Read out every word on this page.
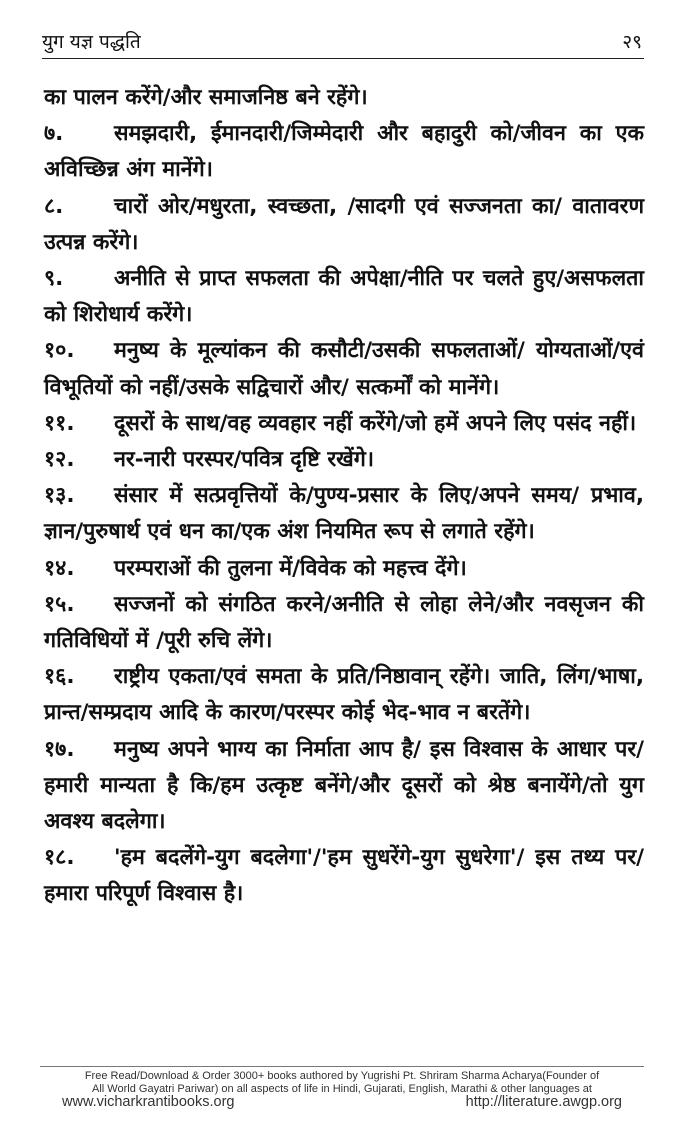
युग यज्ञ पद्धति	२९
का पालन करेंगे/और समाजनिष्ठ बने रहेंगे।
७. समझदारी, ईमानदारी/जिम्मेदारी और बहादुरी को/जीवन का एक अविच्छिन्न अंग मानेंगे।
८. चारों ओर/मधुरता, स्वच्छता, /सादगी एवं सज्जनता का/ वातावरण उत्पन्न करेंगे।
९. अनीति से प्राप्त सफलता की अपेक्षा/नीति पर चलते हुए/असफलता को शिरोधार्य करेंगे।
१०. मनुष्य के मूल्यांकन की कसौटी/उसकी सफलताओं/ योग्यताओं/एवं विभूतियों को नहीं/उसके सद्विचारों और/ सत्कर्मों को मानेंगे।
११. दूसरों के साथ/वह व्यवहार नहीं करेंगे/जो हमें अपने लिए पसंद नहीं।
१२. नर-नारी परस्पर/पवित्र दृष्टि रखेंगे।
१३. संसार में सत्प्रवृत्तियों के/पुण्य-प्रसार के लिए/अपने समय/ प्रभाव, ज्ञान/पुरुषार्थ एवं धन का/एक अंश नियमित रूप से लगाते रहेंगे।
१४. परम्पराओं की तुलना में/विवेक को महत्त्व देंगे।
१५. सज्जनों को संगठित करने/अनीति से लोहा लेने/और नवसृजन की गतिविधियों में /पूरी रुचि लेंगे।
१६. राष्ट्रीय एकता/एवं समता के प्रति/निष्ठावान् रहेंगे। जाति, लिंग/भाषा, प्रान्त/सम्प्रदाय आदि के कारण/परस्पर कोई भेद-भाव न बरतेंगे।
१७. मनुष्य अपने भाग्य का निर्माता आप है/ इस विश्वास के आधार पर/हमारी मान्यता है कि/हम उत्कृष्ट बनेंगे/और दूसरों को श्रेष्ठ बनायेंगे/तो युग अवश्य बदलेगा।
१८. 'हम बदलेंगे-युग बदलेगा'/'हम सुधरेंगे-युग सुधरेगा'/ इस तथ्य पर/हमारा परिपूर्ण विश्वास है।
Free Read/Download & Order 3000+ books authored by Yugrishi Pt. Shriram Sharma Acharya(Founder of
All World Gayatri Pariwar) on all aspects of life in Hindi, Gujarati, English, Marathi & other languages at
www.vicharkrantibooks.org	http://literature.awgp.org
